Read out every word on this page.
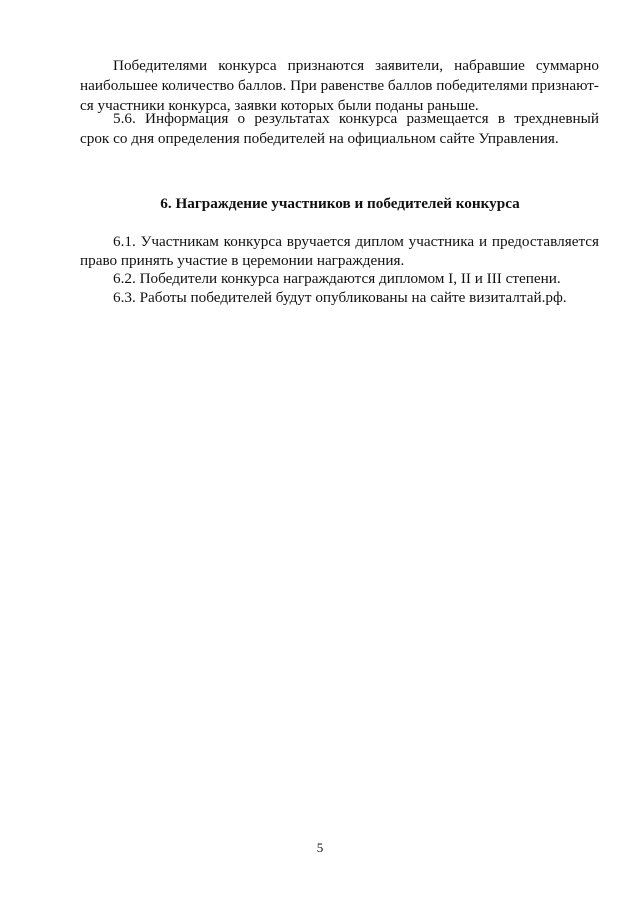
Победителями конкурса признаются заявители, набравшие суммарно
наибольшее количество баллов. При равенстве баллов победителями признают-
ся участники конкурса, заявки которых были поданы раньше.
5.6. Информация о результатах конкурса размещается в трехдневный
срок со дня определения победителей на официальном сайте Управления.
6. Награждение участников и победителей конкурса
6.1. Участникам конкурса вручается диплом участника и предоставляется
право принять участие в церемонии награждения.
6.2. Победители конкурса награждаются дипломом I, II и III степени.
6.3. Работы победителей будут опубликованы на сайте визиталтай.рф.
5
